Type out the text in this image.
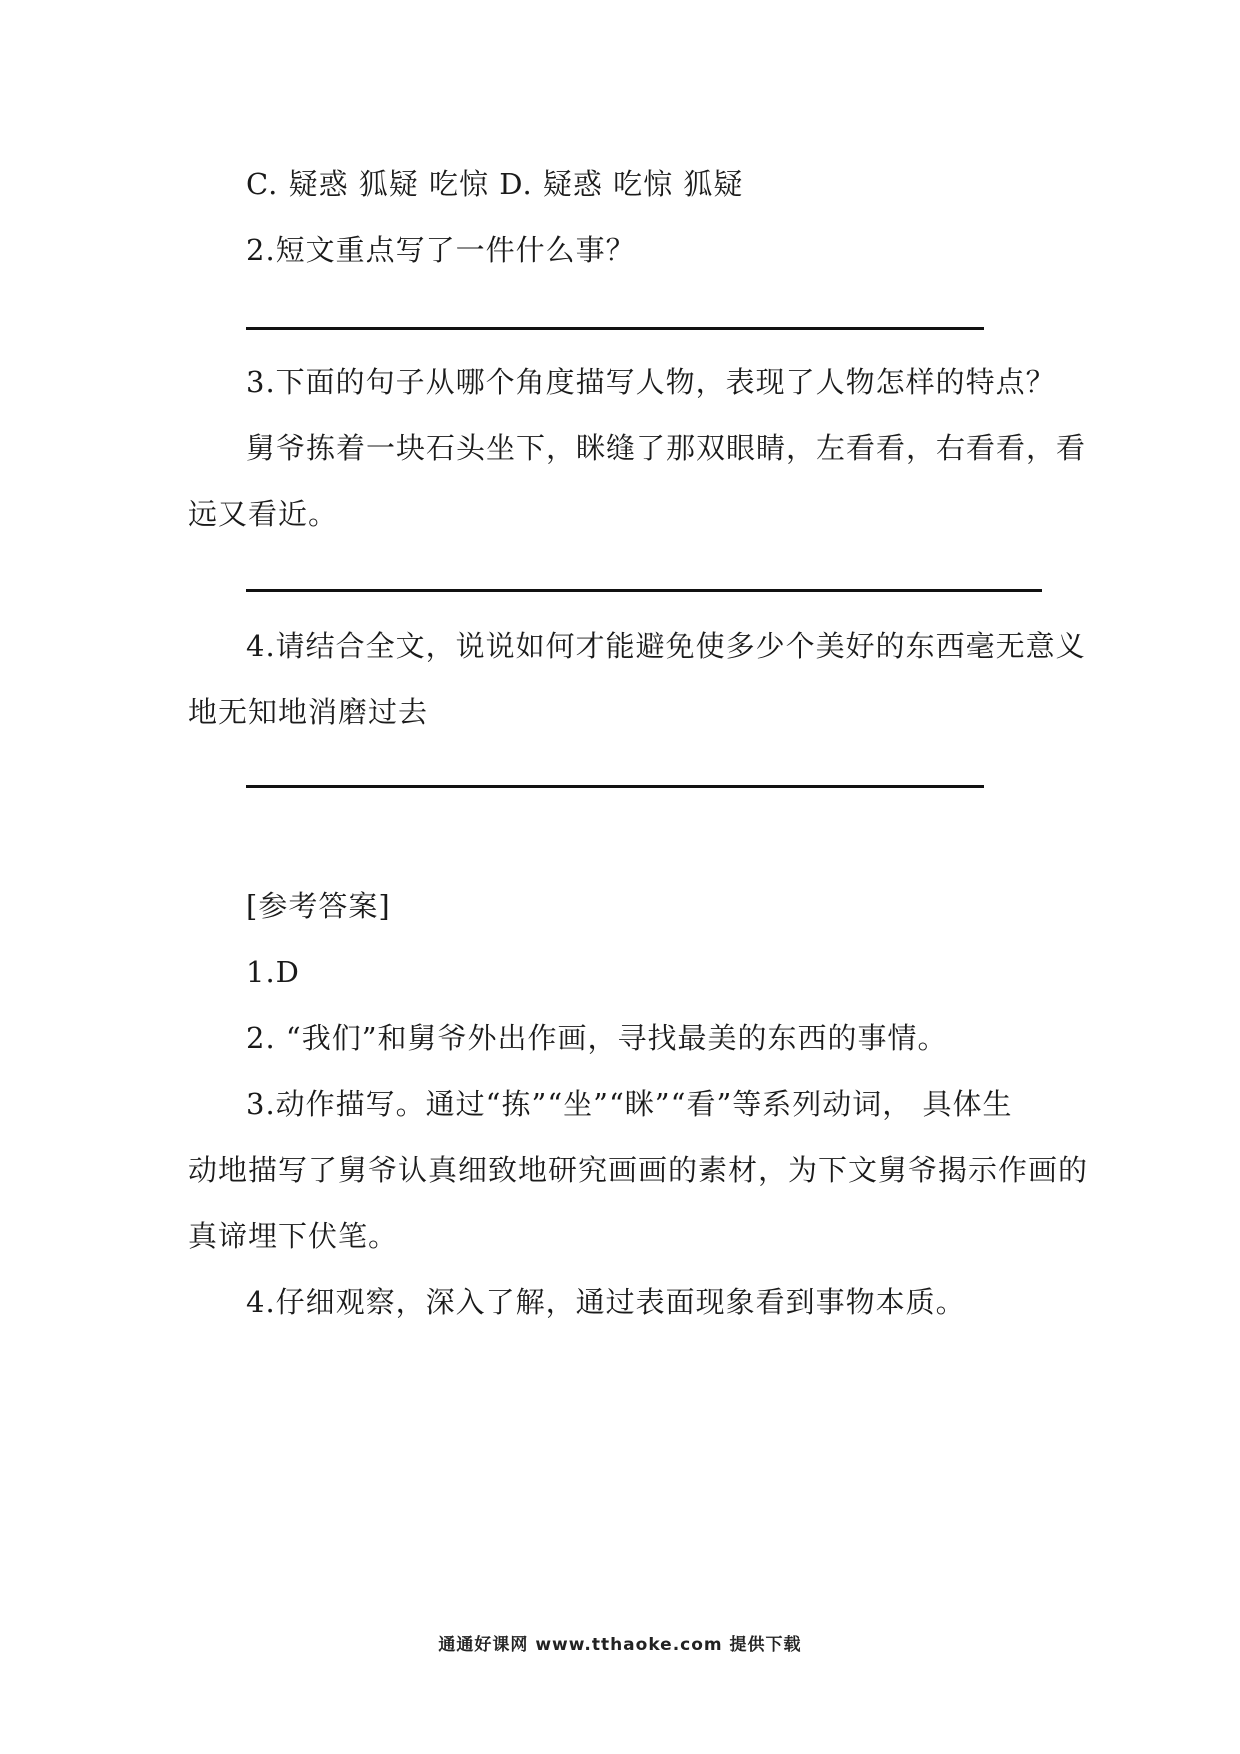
C. 疑惑 狐疑 吃惊 D. 疑惑 吃惊 狐疑
2.短文重点写了一件什么事？
3.下面的句子从哪个角度描写人物，表现了人物怎样的特点？
舅爷拣着一块石头坐下，眯缝了那双眼睛，左看看，右看看，看
远又看近。
4.请结合全文，说说如何才能避免使多少个美好的东西毫无意义
地无知地消磨过去
[参考答案]
1.D
2. “我们”和舅爷外出作画，寻找最美的东西的事情。
3.动作描写。通过“拣”“坐”“眯”“看”等系列动词， 具体生
动地描写了舅爷认真细致地研究画画的素材，为下文舅爷揭示作画的
真谛埋下伏笔。
4.仔细观察，深入了解，通过表面现象看到事物本质。
通通好课网 www.tthaoke.com 提供下载
